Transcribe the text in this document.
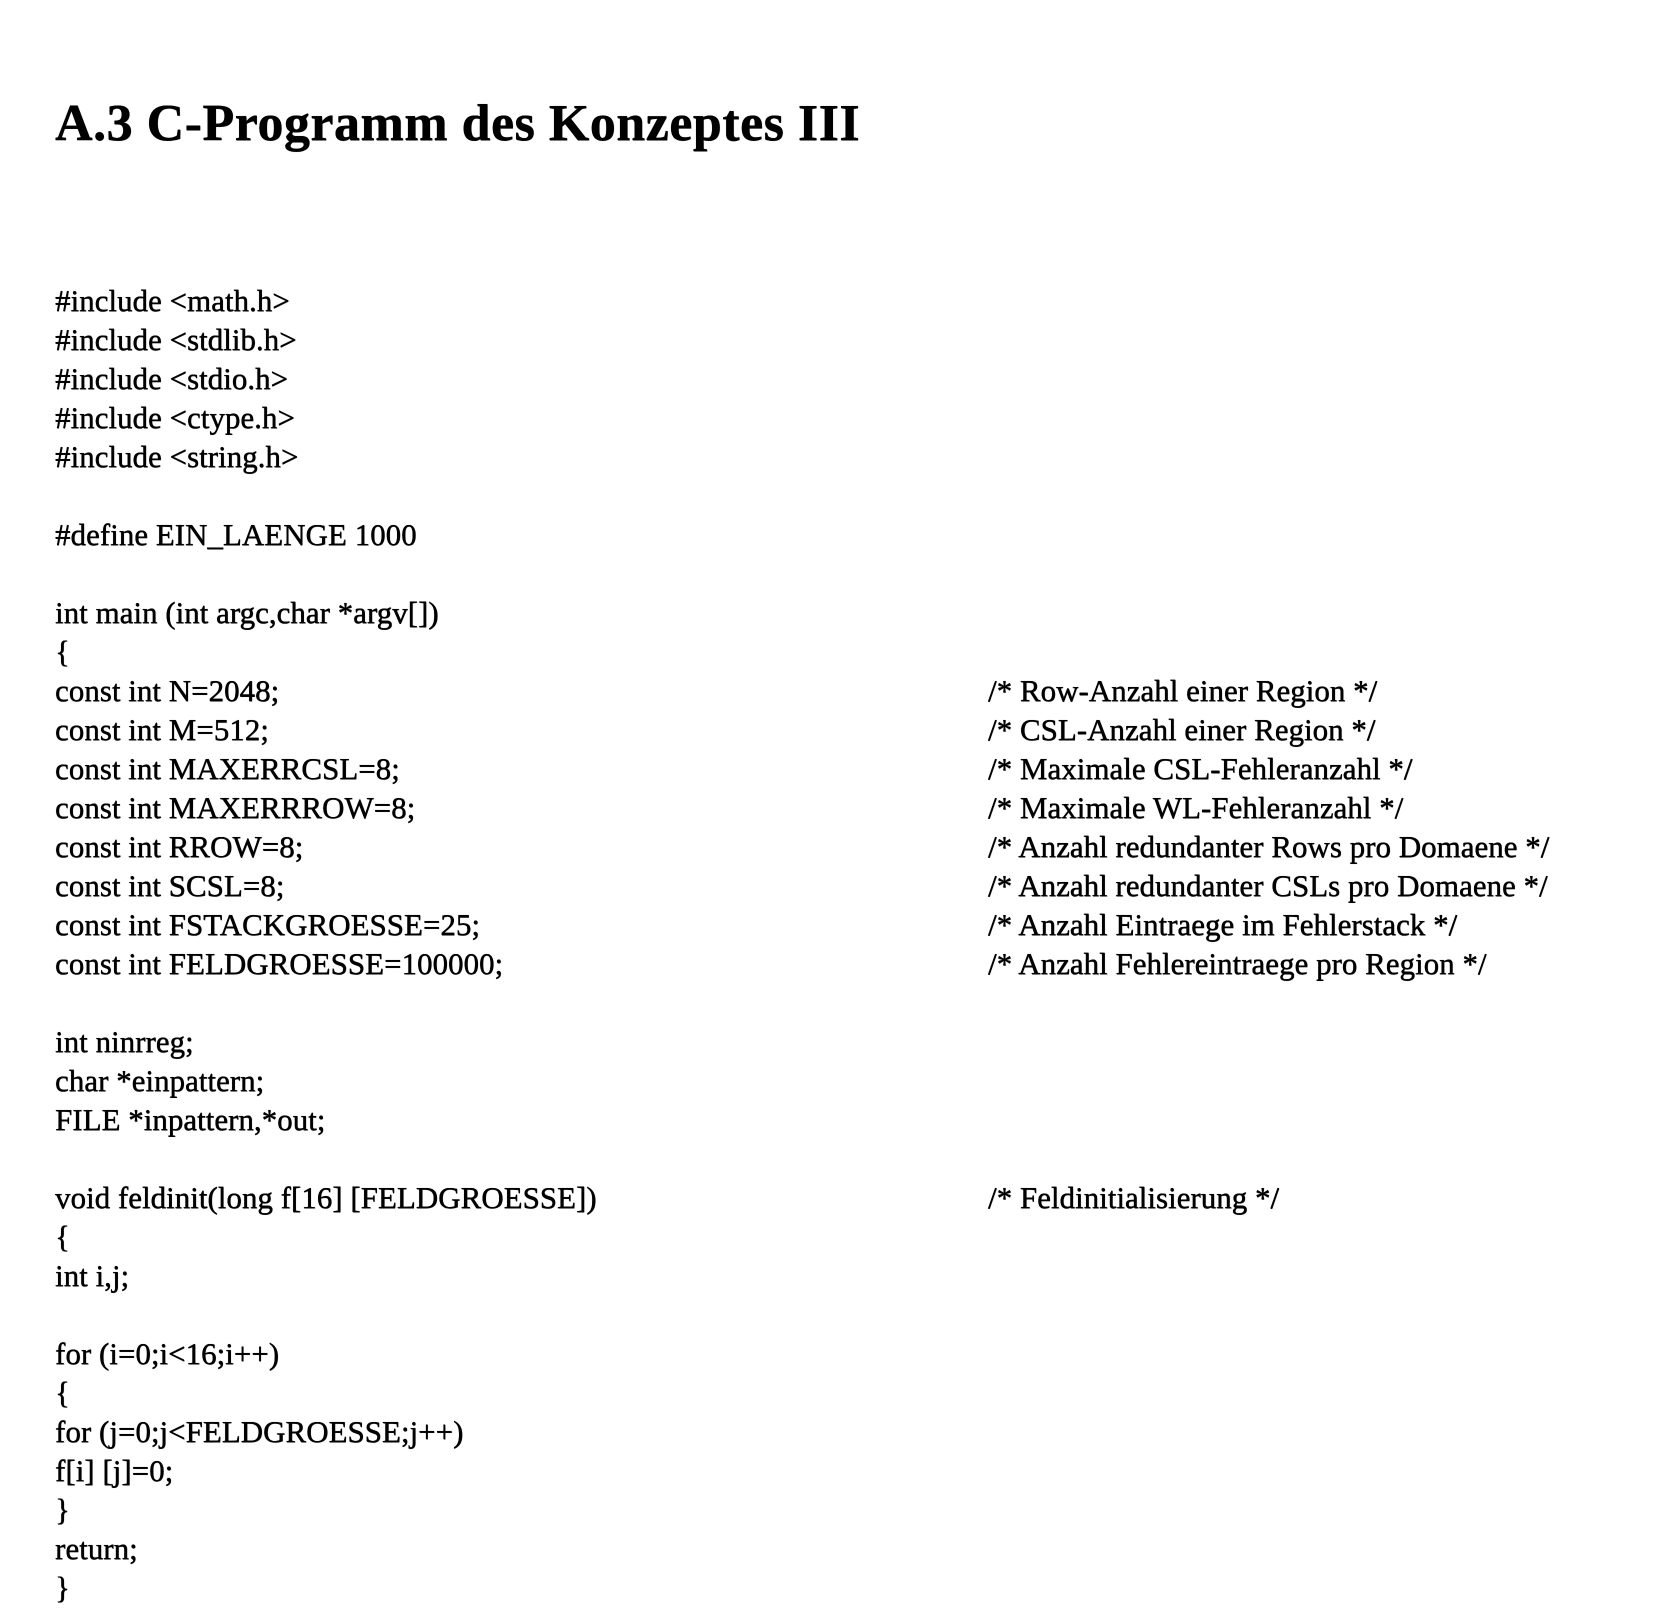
A.3 C-Programm des Konzeptes III
#include <math.h>
#include <stdlib.h>
#include <stdio.h>
#include <ctype.h>
#include <string.h>

#define EIN_LAENGE 1000

int main (int argc,char *argv[])
{
const int N=2048;	/* Row-Anzahl einer Region */
const int M=512;	/* CSL-Anzahl einer Region */
const int MAXERRCSL=8;	/* Maximale CSL-Fehleranzahl */
const int MAXERRROW=8;	/* Maximale WL-Fehleranzahl */
const int RROW=8;	/* Anzahl redundanter Rows pro Domaene */
const int SCSL=8;	/* Anzahl redundanter CSLs pro Domaene */
const int FSTACKGROESSE=25;	/* Anzahl Eintraege im Fehlerstack */
const int FELDGROESSE=100000;	/* Anzahl Fehlereintraege pro Region */

int ninrreg;
char *einpattern;
FILE *inpattern,*out;

void feldinit(long f[16] [FELDGROESSE])	/* Feldinitialisierung */
{
int i,j;

for (i=0;i<16;i++)
{
for (j=0;j<FELDGROESSE;j++)
f[i] [j]=0;
}
return;
}
